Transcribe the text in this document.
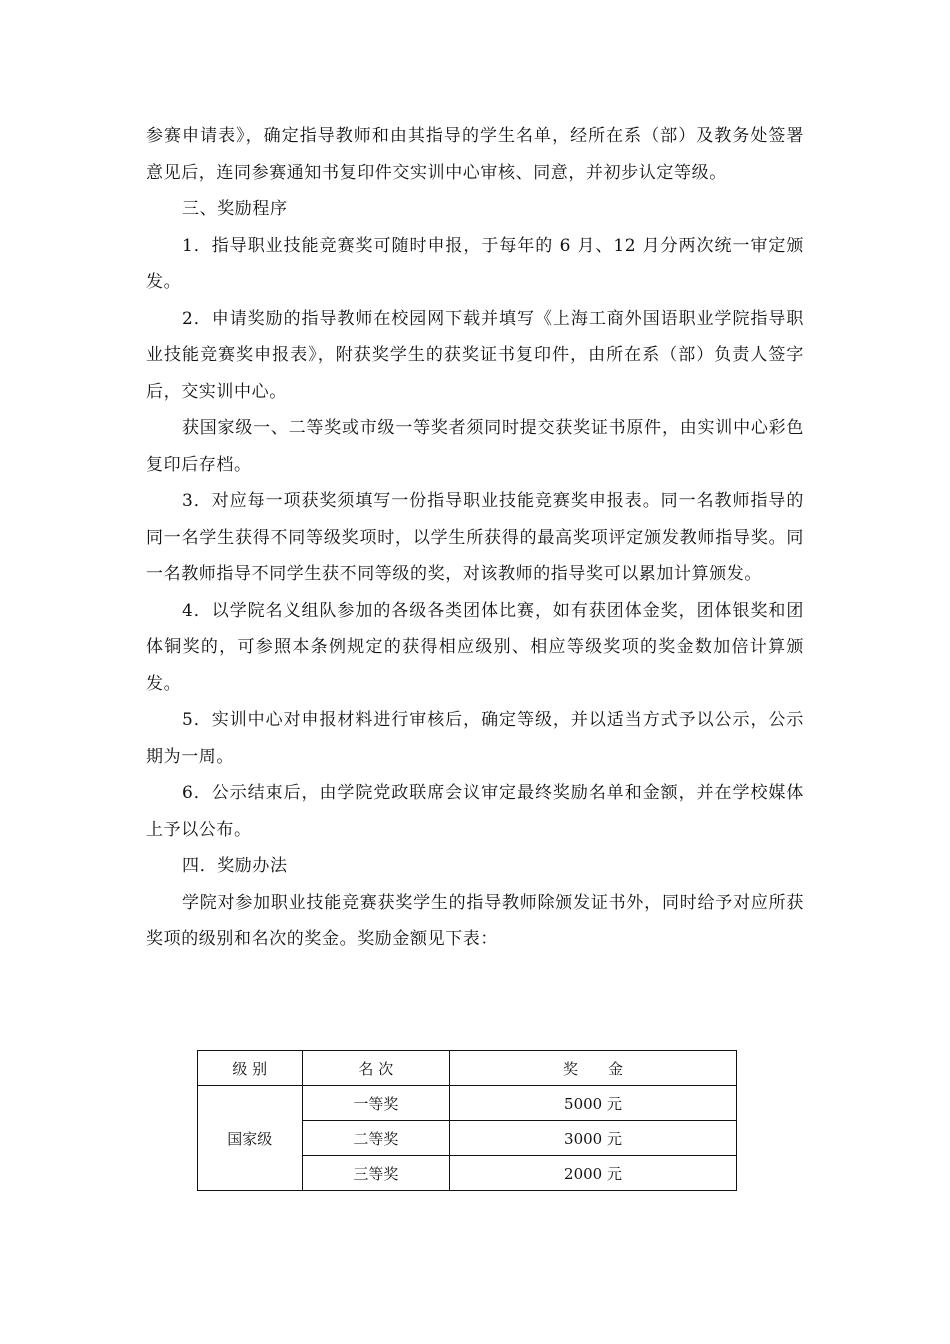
参赛申请表》，确定指导教师和由其指导的学生名单，经所在系（部）及教务处签署意见后，连同参赛通知书复印件交实训中心审核、同意，并初步认定等级。

三、奖励程序

1．指导职业技能竞赛奖可随时申报，于每年的 6 月、12 月分两次统一审定颁发。

2．申请奖励的指导教师在校园网下载并填写《上海工商外国语职业学院指导职业技能竞赛奖申报表》，附获奖学生的获奖证书复印件，由所在系（部）负责人签字后，交实训中心。

获国家级一、二等奖或市级一等奖者须同时提交获奖证书原件，由实训中心彩色复印后存档。

3．对应每一项获奖须填写一份指导职业技能竞赛奖申报表。同一名教师指导的同一名学生获得不同等级奖项时，以学生所获得的最高奖项评定颁发教师指导奖。同一名教师指导不同学生获不同等级的奖，对该教师的指导奖可以累加计算颁发。

4．以学院名义组队参加的各级各类团体比赛，如有获团体金奖，团体银奖和团体铜奖的，可参照本条例规定的获得相应级别、相应等级奖项的奖金数加倍计算颁发。

5．实训中心对申报材料进行审核后，确定等级，并以适当方式予以公示，公示期为一周。

6．公示结束后，由学院党政联席会议审定最终奖励名单和金额，并在学校媒体上予以公布。

四．奖励办法

学院对参加职业技能竞赛获奖学生的指导教师除颁发证书外，同时给予对应所获奖项的级别和名次的奖金。奖励金额见下表：

级 别	名 次	奖　　金
国家级	一等奖	5000 元
	二等奖	3000 元
	三等奖	2000 元
